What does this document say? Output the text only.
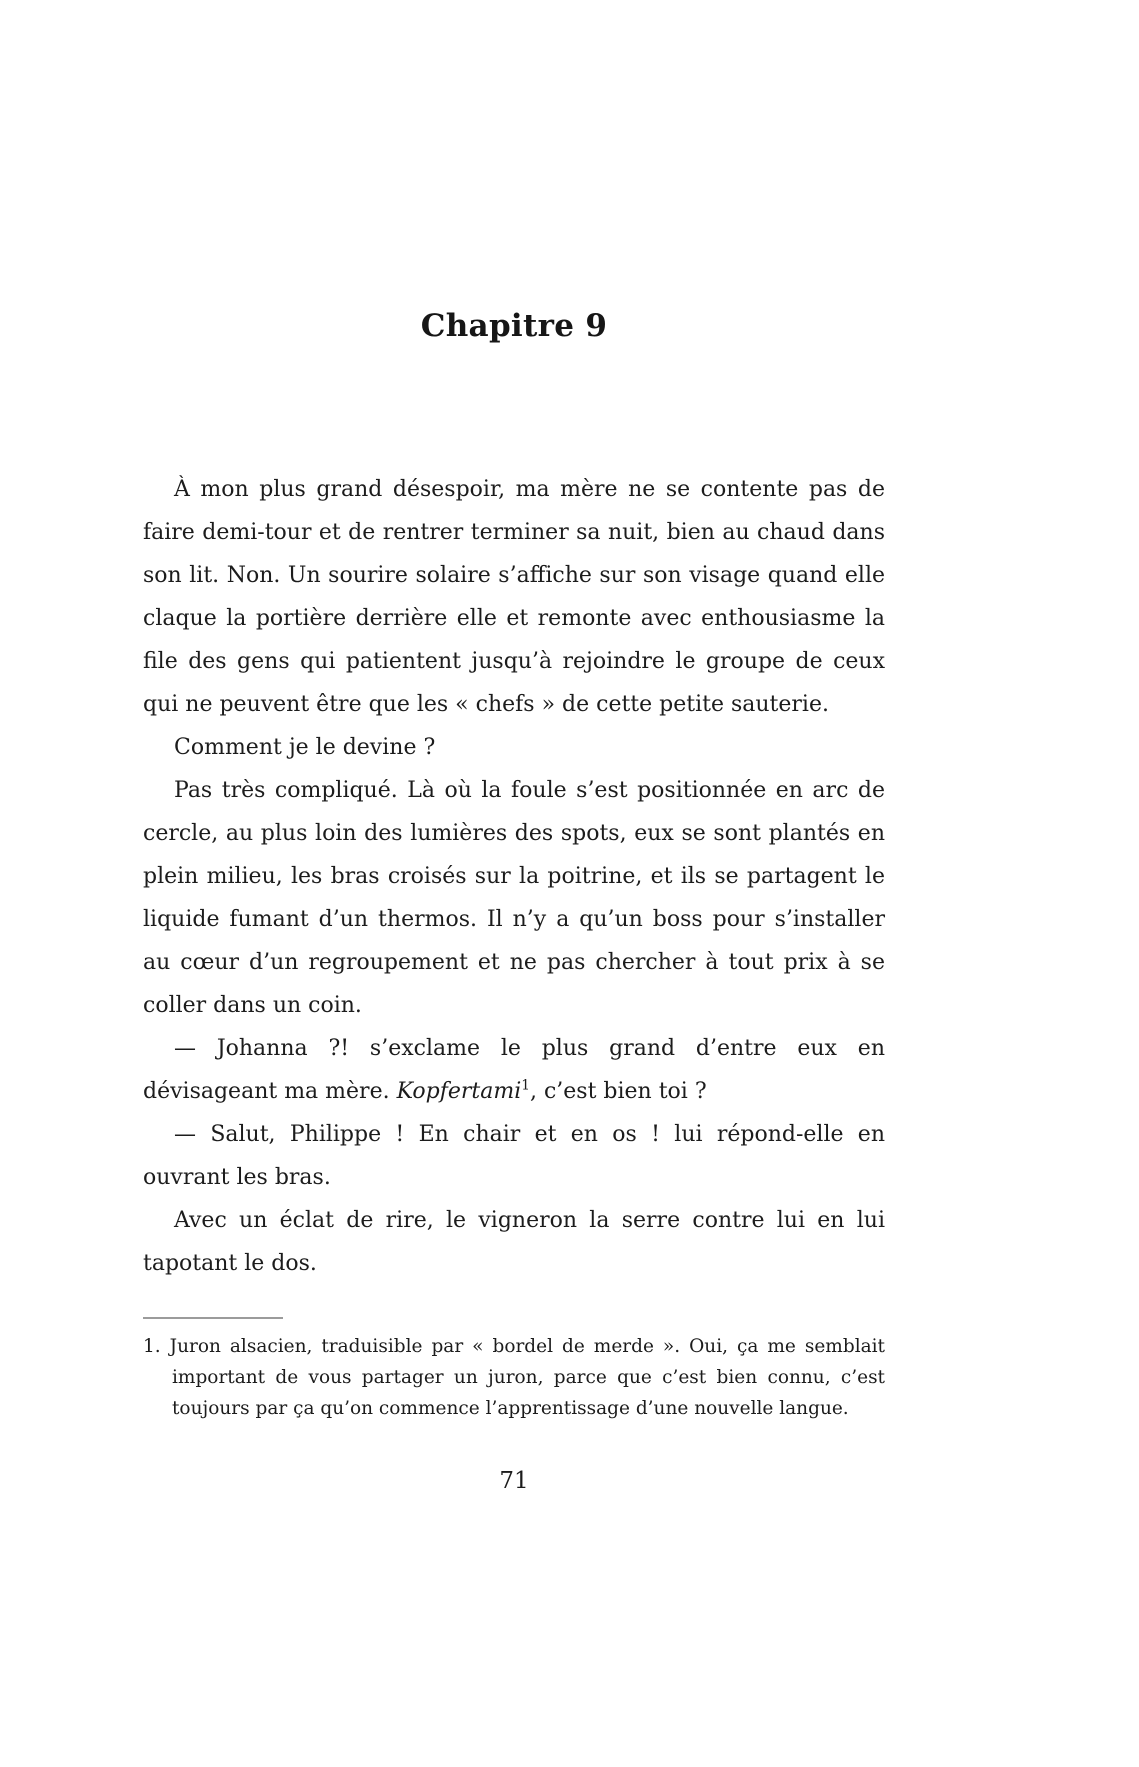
Chapitre 9

À mon plus grand désespoir, ma mère ne se contente pas de faire demi-tour et de rentrer terminer sa nuit, bien au chaud dans son lit. Non. Un sourire solaire s’affiche sur son visage quand elle claque la portière derrière elle et remonte avec enthousiasme la file des gens qui patientent jusqu’à rejoindre le groupe de ceux qui ne peuvent être que les « chefs » de cette petite sauterie.

Comment je le devine ?

Pas très compliqué. Là où la foule s’est positionnée en arc de cercle, au plus loin des lumières des spots, eux se sont plantés en plein milieu, les bras croisés sur la poitrine, et ils se partagent le liquide fumant d’un thermos. Il n’y a qu’un boss pour s’installer au cœur d’un regroupement et ne pas chercher à tout prix à se coller dans un coin.

— Johanna ?! s’exclame le plus grand d’entre eux en dévisageant ma mère. Kopfertami$^1$, c’est bien toi ?

— Salut, Philippe ! En chair et en os ! lui répond-elle en ouvrant les bras.

Avec un éclat de rire, le vigneron la serre contre lui en lui tapotant le dos.

1. Juron alsacien, traduisible par « bordel de merde ». Oui, ça me semblait important de vous partager un juron, parce que c’est bien connu, c’est toujours par ça qu’on commence l’apprentissage d’une nouvelle langue.

71
